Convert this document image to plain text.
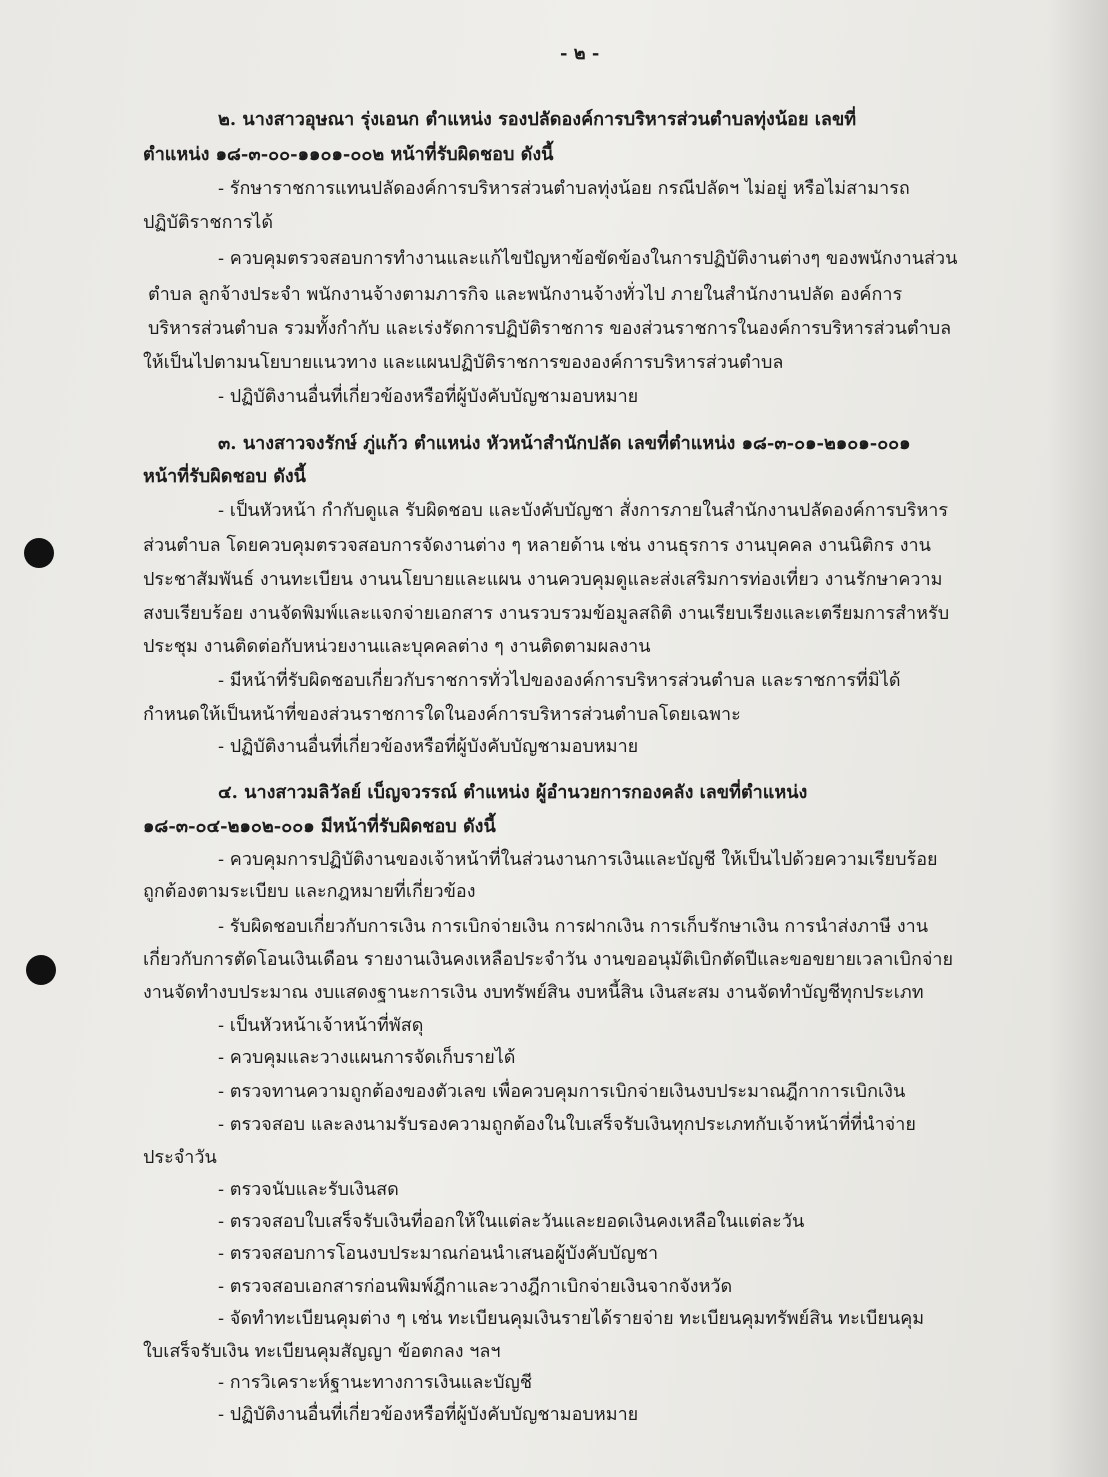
- ๒ -
๒. นางสาวอุษณา รุ่งเอนก ตำแหน่ง รองปลัดองค์การบริหารส่วนตำบลทุ่งน้อย เลขที่
ตำแหน่ง ๑๘-๓-๐๐-๑๑๐๑-๐๐๒ หน้าที่รับผิดชอบ ดังนี้
- รักษาราชการแทนปลัดองค์การบริหารส่วนตำบลทุ่งน้อย กรณีปลัดฯ ไม่อยู่ หรือไม่สามารถ
ปฏิบัติราชการได้
- ควบคุมตรวจสอบการทำงานและแก้ไขปัญหาข้อขัดข้องในการปฏิบัติงานต่างๆ ของพนักงานส่วน
ตำบล ลูกจ้างประจำ พนักงานจ้างตามภารกิจ และพนักงานจ้างทั่วไป ภายในสำนักงานปลัด องค์การ
บริหารส่วนตำบล รวมทั้งกำกับ และเร่งรัดการปฏิบัติราชการ ของส่วนราชการในองค์การบริหารส่วนตำบล
ให้เป็นไปตามนโยบายแนวทาง และแผนปฏิบัติราชการขององค์การบริหารส่วนตำบล
- ปฏิบัติงานอื่นที่เกี่ยวข้องหรือที่ผู้บังคับบัญชามอบหมาย
๓. นางสาวจงรักษ์ ภู่แก้ว ตำแหน่ง หัวหน้าสำนักปลัด เลขที่ตำแหน่ง ๑๘-๓-๐๑-๒๑๐๑-๐๐๑
หน้าที่รับผิดชอบ ดังนี้
- เป็นหัวหน้า กำกับดูแล รับผิดชอบ และบังคับบัญชา สั่งการภายในสำนักงานปลัดองค์การบริหาร
ส่วนตำบล โดยควบคุมตรวจสอบการจัดงานต่าง ๆ หลายด้าน เช่น งานธุรการ งานบุคคล งานนิติกร งาน
ประชาสัมพันธ์ งานทะเบียน งานนโยบายและแผน งานควบคุมดูและส่งเสริมการท่องเที่ยว งานรักษาความ
สงบเรียบร้อย งานจัดพิมพ์และแจกจ่ายเอกสาร งานรวบรวมข้อมูลสถิติ งานเรียบเรียงและเตรียมการสำหรับ
ประชุม งานติดต่อกับหน่วยงานและบุคคลต่าง ๆ งานติดตามผลงาน
- มีหน้าที่รับผิดชอบเกี่ยวกับราชการทั่วไปขององค์การบริหารส่วนตำบล และราชการที่มิได้
กำหนดให้เป็นหน้าที่ของส่วนราชการใดในองค์การบริหารส่วนตำบลโดยเฉพาะ
- ปฏิบัติงานอื่นที่เกี่ยวข้องหรือที่ผู้บังคับบัญชามอบหมาย
๔. นางสาวมลิวัลย์ เบ็ญจวรรณ์ ตำแหน่ง ผู้อำนวยการกองคลัง เลขที่ตำแหน่ง
๑๘-๓-๐๔-๒๑๐๒-๐๐๑ มีหน้าที่รับผิดชอบ ดังนี้
- ควบคุมการปฏิบัติงานของเจ้าหน้าที่ในส่วนงานการเงินและบัญชี ให้เป็นไปด้วยความเรียบร้อย
ถูกต้องตามระเบียบ และกฎหมายที่เกี่ยวข้อง
- รับผิดชอบเกี่ยวกับการเงิน การเบิกจ่ายเงิน การฝากเงิน การเก็บรักษาเงิน การนำส่งภาษี งาน
เกี่ยวกับการตัดโอนเงินเดือน รายงานเงินคงเหลือประจำวัน งานขออนุมัติเบิกตัดปีและขอขยายเวลาเบิกจ่าย
งานจัดทำงบประมาณ งบแสดงฐานะการเงิน งบทรัพย์สิน งบหนี้สิน เงินสะสม งานจัดทำบัญชีทุกประเภท
- เป็นหัวหน้าเจ้าหน้าที่พัสดุ
- ควบคุมและวางแผนการจัดเก็บรายได้
- ตรวจทานความถูกต้องของตัวเลข เพื่อควบคุมการเบิกจ่ายเงินงบประมาณฎีกาการเบิกเงิน
- ตรวจสอบ และลงนามรับรองความถูกต้องในใบเสร็จรับเงินทุกประเภทกับเจ้าหน้าที่ที่นำจ่าย
ประจำวัน
- ตรวจนับและรับเงินสด
- ตรวจสอบใบเสร็จรับเงินที่ออกให้ในแต่ละวันและยอดเงินคงเหลือในแต่ละวัน
- ตรวจสอบการโอนงบประมาณก่อนนำเสนอผู้บังคับบัญชา
- ตรวจสอบเอกสารก่อนพิมพ์ฎีกาและวางฎีกาเบิกจ่ายเงินจากจังหวัด
- จัดทำทะเบียนคุมต่าง ๆ เช่น ทะเบียนคุมเงินรายได้รายจ่าย ทะเบียนคุมทรัพย์สิน ทะเบียนคุม
ใบเสร็จรับเงิน ทะเบียนคุมสัญญา ข้อตกลง ฯลฯ
- การวิเคราะห์ฐานะทางการเงินและบัญชี
- ปฏิบัติงานอื่นที่เกี่ยวข้องหรือที่ผู้บังคับบัญชามอบหมาย
